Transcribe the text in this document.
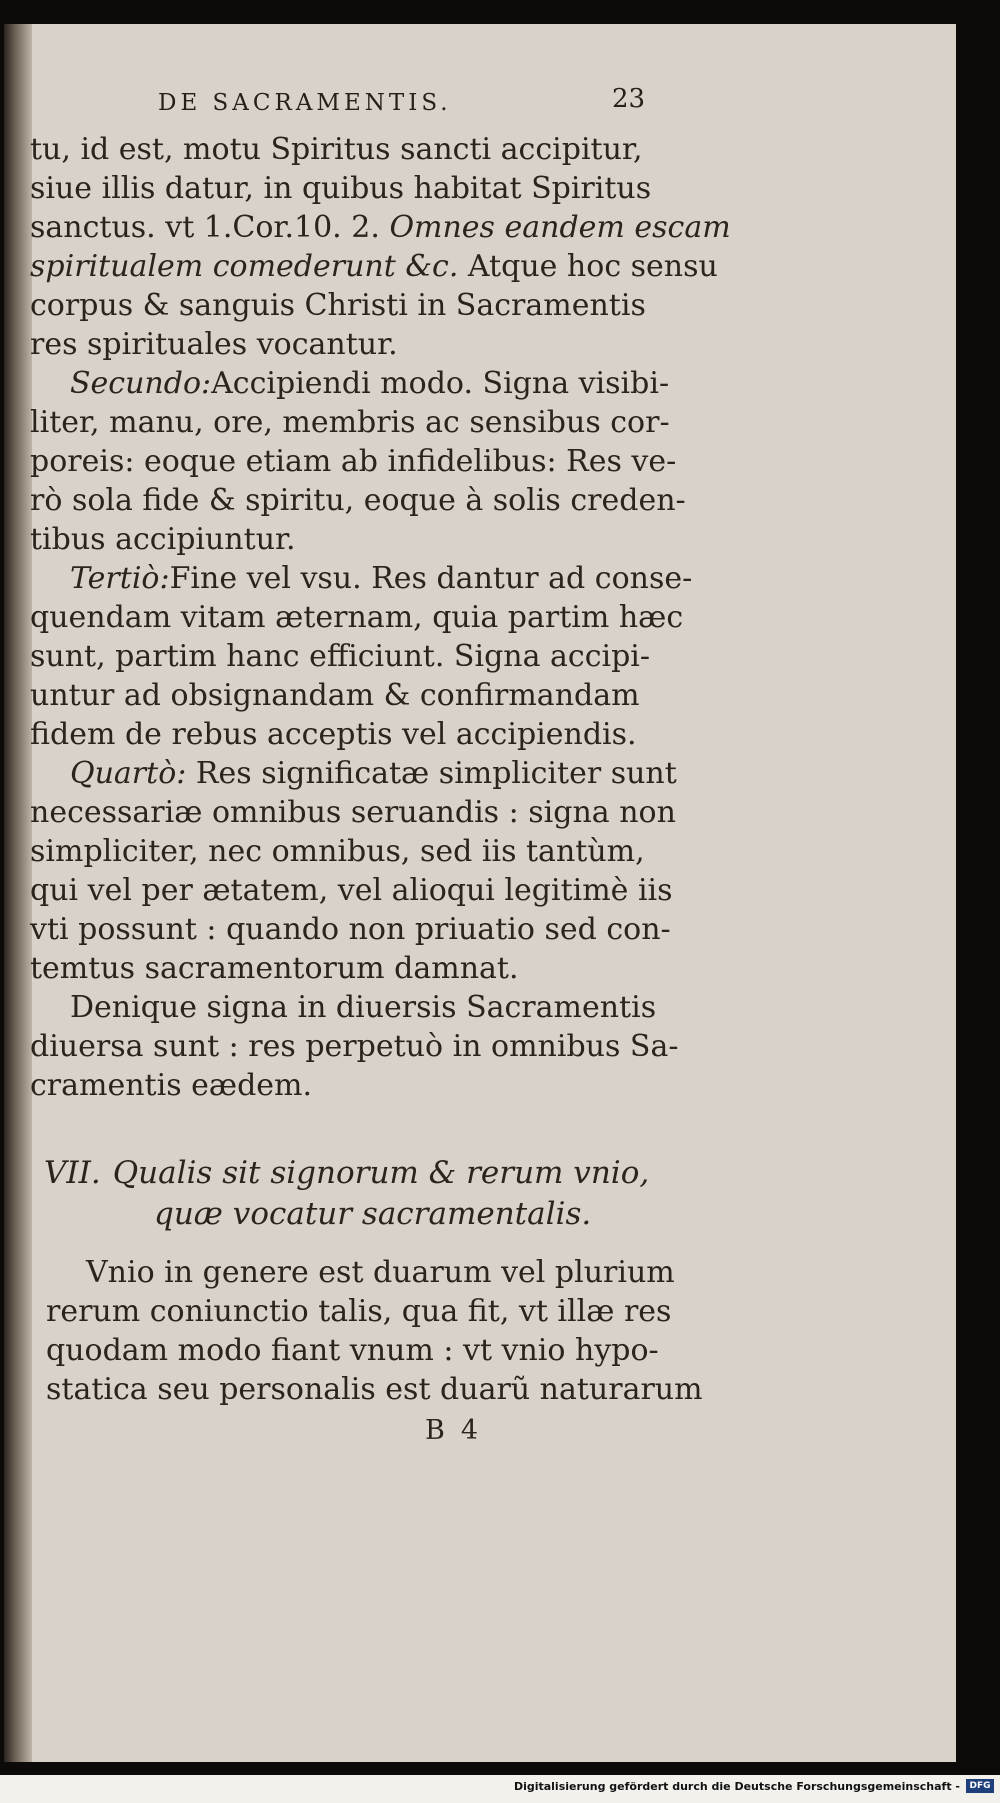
DE SACRAMENTIS.	23
tu, id est, motu Spiritus sancti accipitur,
siue illis datur, in quibus habitat Spiritus
sanctus. vt 1.Cor.10. 2. Omnes eandem escam
spiritualem comederunt &c. Atque hoc sensu
corpus & sanguis Christi in Sacramentis
res spirituales vocantur.
Secundo:Accipiendi modo. Signa visibi-
liter, manu, ore, membris ac sensibus cor-
poreis: eoque etiam ab infidelibus: Res ve-
rò sola fide & spiritu, eoque à solis creden-
tibus accipiuntur.
Tertiò:Fine vel vsu. Res dantur ad conse-
quendam vitam æternam, quia partim hæc
sunt, partim hanc efficiunt. Signa accipi-
untur ad obsignandam & confirmandam
fidem de rebus acceptis vel accipiendis.
Quartò: Res significatæ simpliciter sunt
necessariæ omnibus seruandis : signa non
simpliciter, nec omnibus, sed iis tantùm,
qui vel per ætatem, vel alioqui legitimè iis
vti possunt : quando non priuatio sed con-
temtus sacramentorum damnat.
Denique signa in diuersis Sacramentis
diuersa sunt : res perpetuò in omnibus Sa-
cramentis eædem.
VII. Qualis sit signorum & rerum vnio,
quæ vocatur sacramentalis.
Vnio in genere est duarum vel plurium
rerum coniunctio talis, qua fit, vt illæ res
quodam modo fiant vnum : vt vnio hypo-
statica seu personalis est duarũ naturarum
B4
Digitalisierung gefördert durch die Deutsche Forschungsgemeinschaft -	DFG
